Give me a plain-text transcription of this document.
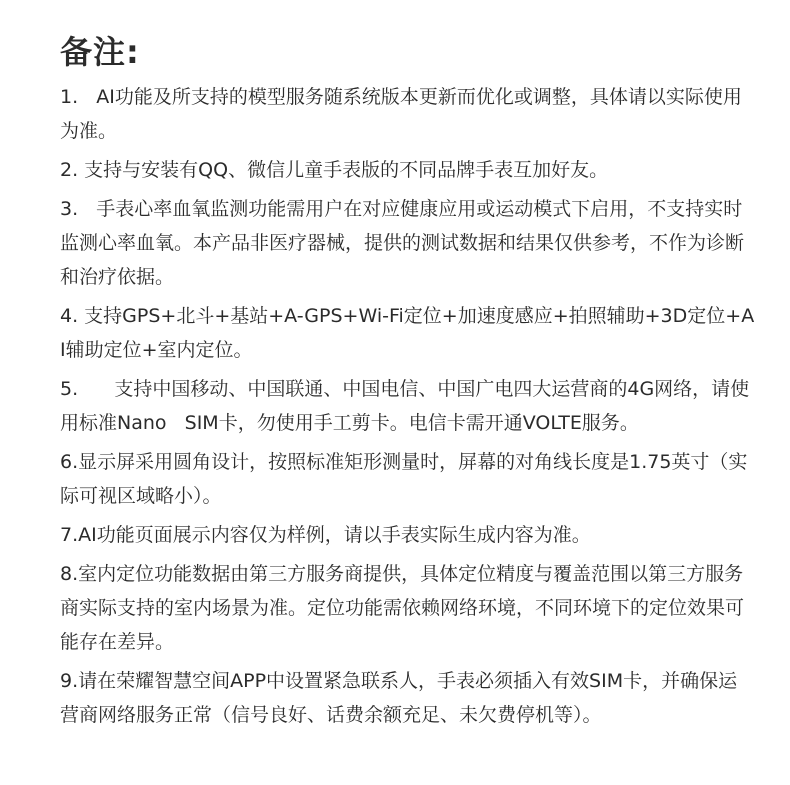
备注:
1.   AI功能及所支持的模型服务随系统版本更新而优化或调整，具体请以实际使用为准。
2. 支持与安装有QQ、微信儿童手表版的不同品牌手表互加好友。
3.   手表心率血氧监测功能需用户在对应健康应用或运动模式下启用，不支持实时监测心率血氧。本产品非医疗器械，提供的测试数据和结果仅供参考，不作为诊断和治疗依据。
4. 支持GPS+北斗+基站+A-GPS+Wi-Fi定位+加速度感应+拍照辅助+3D定位+AI辅助定位+室内定位。
5.      支持中国移动、中国联通、中国电信、中国广电四大运营商的4G网络，请使用标准Nano   SIM卡，勿使用手工剪卡。电信卡需开通VOLTE服务。
6.显示屏采用圆角设计，按照标准矩形测量时，屏幕的对角线长度是1.75英寸（实际可视区域略小）。
7.AI功能页面展示内容仅为样例，请以手表实际生成内容为准。
8.室内定位功能数据由第三方服务商提供，具体定位精度与覆盖范围以第三方服务商实际支持的室内场景为准。定位功能需依赖网络环境，不同环境下的定位效果可能存在差异。
9.请在荣耀智慧空间APP中设置紧急联系人，手表必须插入有效SIM卡，并确保运营商网络服务正常（信号良好、话费余额充足、未欠费停机等）。
